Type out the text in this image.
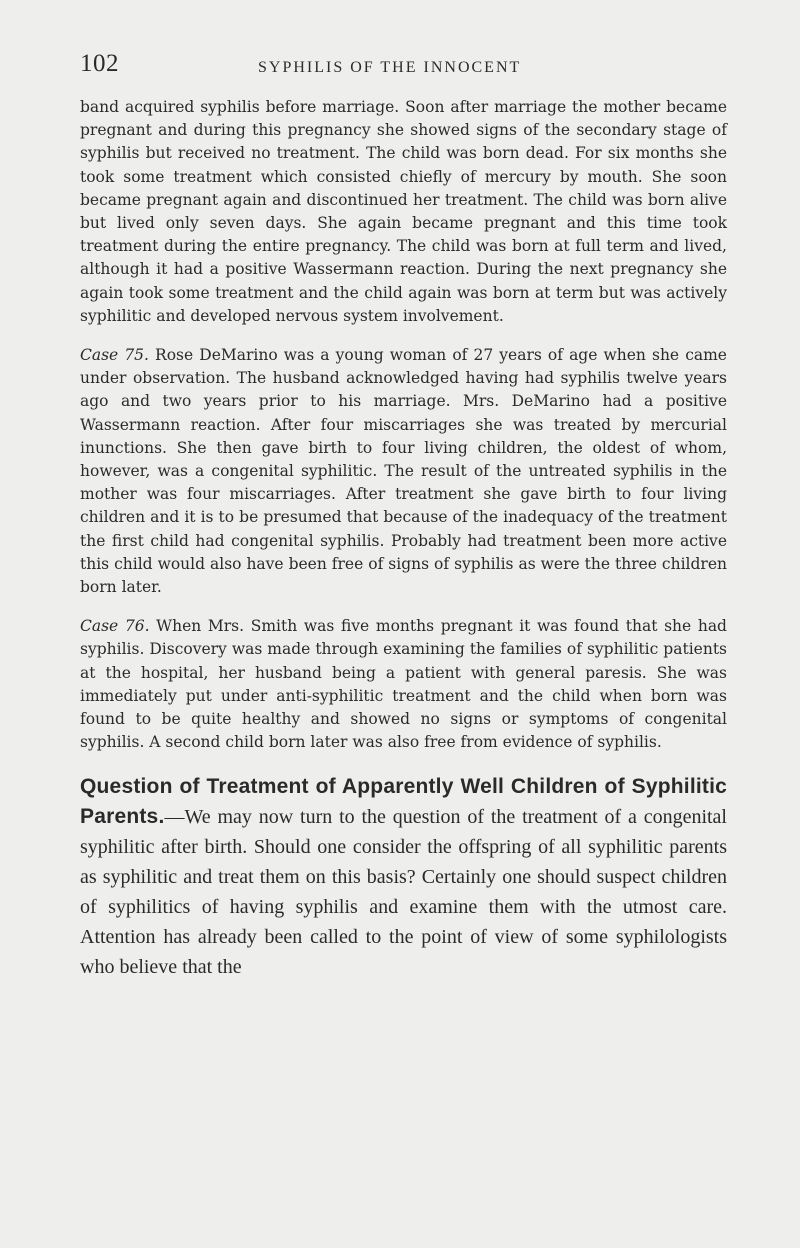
102	SYPHILIS OF THE INNOCENT

band acquired syphilis before marriage. Soon after marriage the mother became pregnant and during this pregnancy she showed signs of the secondary stage of syphilis but received no treatment. The child was born dead. For six months she took some treatment which consisted chiefly of mercury by mouth. She soon became pregnant again and discontinued her treatment. The child was born alive but lived only seven days. She again became pregnant and this time took treatment during the entire pregnancy. The child was born at full term and lived, although it had a positive Wassermann reaction. During the next pregnancy she again took some treatment and the child again was born at term but was actively syphilitic and developed nervous system involvement.

Case 75. Rose DeMarino was a young woman of 27 years of age when she came under observation. The husband acknowledged having had syphilis twelve years ago and two years prior to his marriage. Mrs. DeMarino had a positive Wassermann reaction. After four miscarriages she was treated by mercurial inunctions. She then gave birth to four living children, the oldest of whom, however, was a congenital syphilitic. The result of the untreated syphilis in the mother was four miscarriages. After treatment she gave birth to four living children and it is to be presumed that because of the inadequacy of the treatment the first child had congenital syphilis. Probably had treatment been more active this child would also have been free of signs of syphilis as were the three children born later.

Case 76. When Mrs. Smith was five months pregnant it was found that she had syphilis. Discovery was made through examining the families of syphilitic patients at the hospital, her husband being a patient with general paresis. She was immediately put under anti-syphilitic treatment and the child when born was found to be quite healthy and showed no signs or symptoms of congenital syphilis. A second child born later was also free from evidence of syphilis.

Question of Treatment of Apparently Well Children of Syphilitic Parents.—We may now turn to the question of the treatment of a congenital syphilitic after birth. Should one consider the offspring of all syphilitic parents as syphilitic and treat them on this basis? Certainly one should suspect children of syphilitics of having syphilis and examine them with the utmost care. Attention has already been called to the point of view of some syphilologists who believe that the
